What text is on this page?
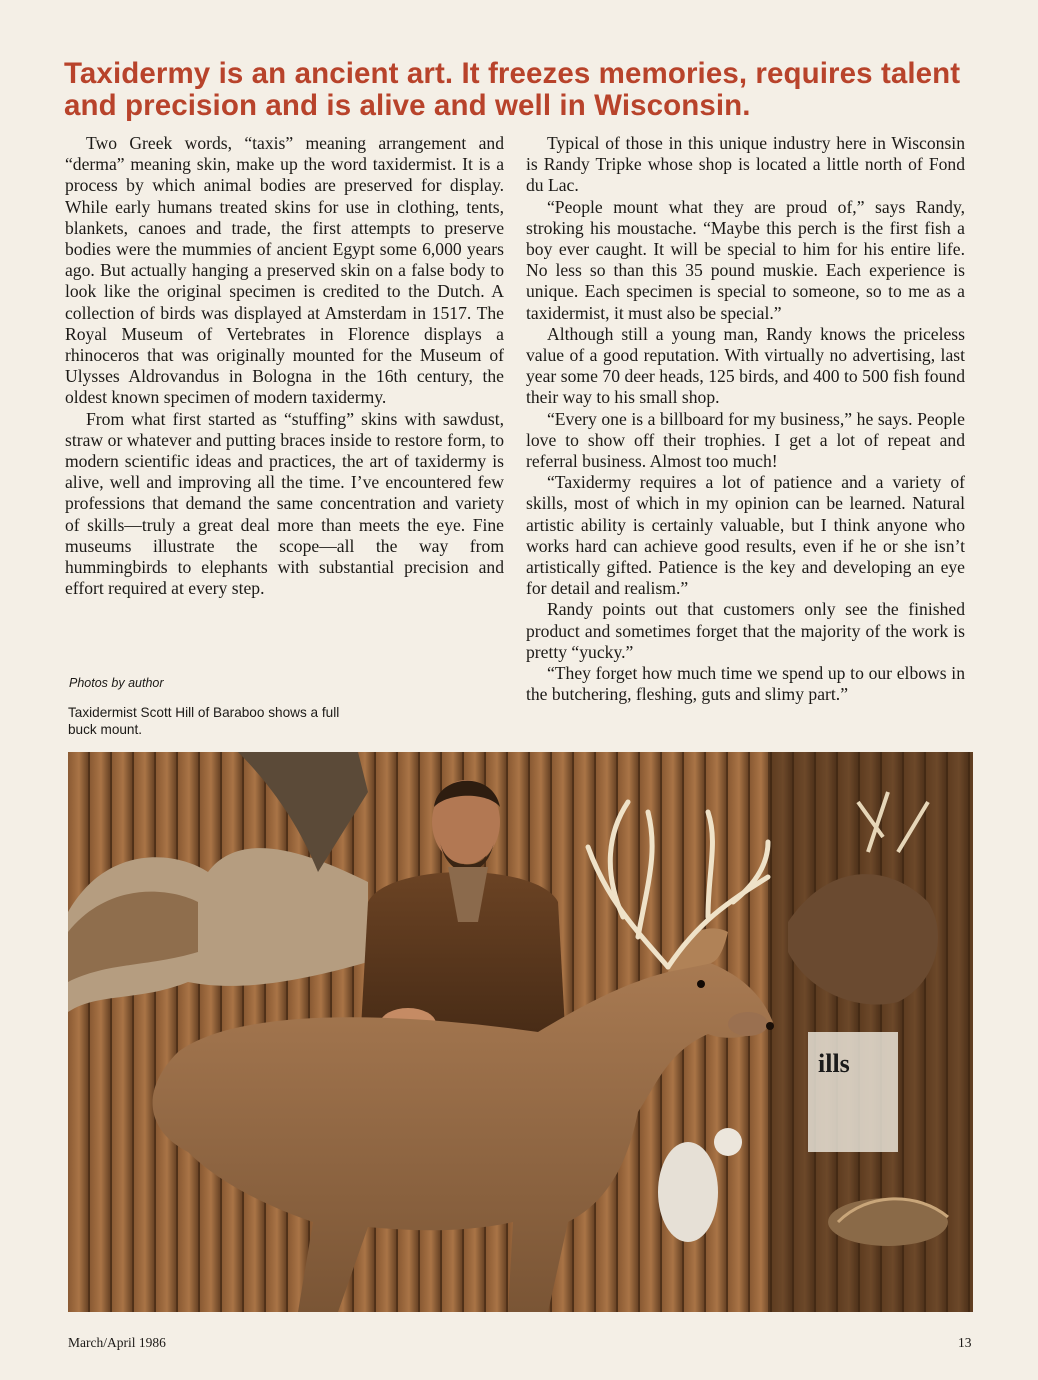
Taxidermy is an ancient art. It freezes memories, requires talent and precision and is alive and well in Wisconsin.

Two Greek words, “taxis” meaning arrangement and “derma” meaning skin, make up the word taxidermist. It is a process by which animal bodies are preserved for display. While early humans treated skins for use in clothing, tents, blankets, canoes and trade, the first attempts to preserve bodies were the mummies of ancient Egypt some 6,000 years ago. But actually hanging a preserved skin on a false body to look like the original specimen is credited to the Dutch. A collection of birds was displayed at Amsterdam in 1517. The Royal Museum of Vertebrates in Florence displays a rhinoceros that was originally mounted for the Museum of Ulysses Aldrovandus in Bologna in the 16th century, the oldest known specimen of modern taxidermy.

From what first started as “stuffing” skins with sawdust, straw or whatever and putting braces inside to restore form, to modern scientific ideas and practices, the art of taxidermy is alive, well and improving all the time. I’ve encountered few professions that demand the same concentration and variety of skills—truly a great deal more than meets the eye. Fine museums illustrate the scope—all the way from hummingbirds to elephants with substantial precision and effort required at every step.

Photos by author
Taxidermist Scott Hill of Baraboo shows a full buck mount.

Typical of those in this unique industry here in Wisconsin is Randy Tripke whose shop is located a little north of Fond du Lac.

“People mount what they are proud of,” says Randy, stroking his moustache. “Maybe this perch is the first fish a boy ever caught. It will be special to him for his entire life. No less so than this 35 pound muskie. Each experience is unique. Each specimen is special to someone, so to me as a taxidermist, it must also be special.”

Although still a young man, Randy knows the priceless value of a good reputation. With virtually no advertising, last year some 70 deer heads, 125 birds, and 400 to 500 fish found their way to his small shop.

“Every one is a billboard for my business,” he says. People love to show off their trophies. I get a lot of repeat and referral business. Almost too much!

“Taxidermy requires a lot of patience and a variety of skills, most of which in my opinion can be learned. Natural artistic ability is certainly valuable, but I think anyone who works hard can achieve good results, even if he or she isn’t artistically gifted. Patience is the key and developing an eye for detail and realism.”

Randy points out that customers only see the finished product and sometimes forget that the majority of the work is pretty “yucky.”

“They forget how much time we spend up to our elbows in the butchering, fleshing, guts and slimy part.”

ills
March/April 1986	13
